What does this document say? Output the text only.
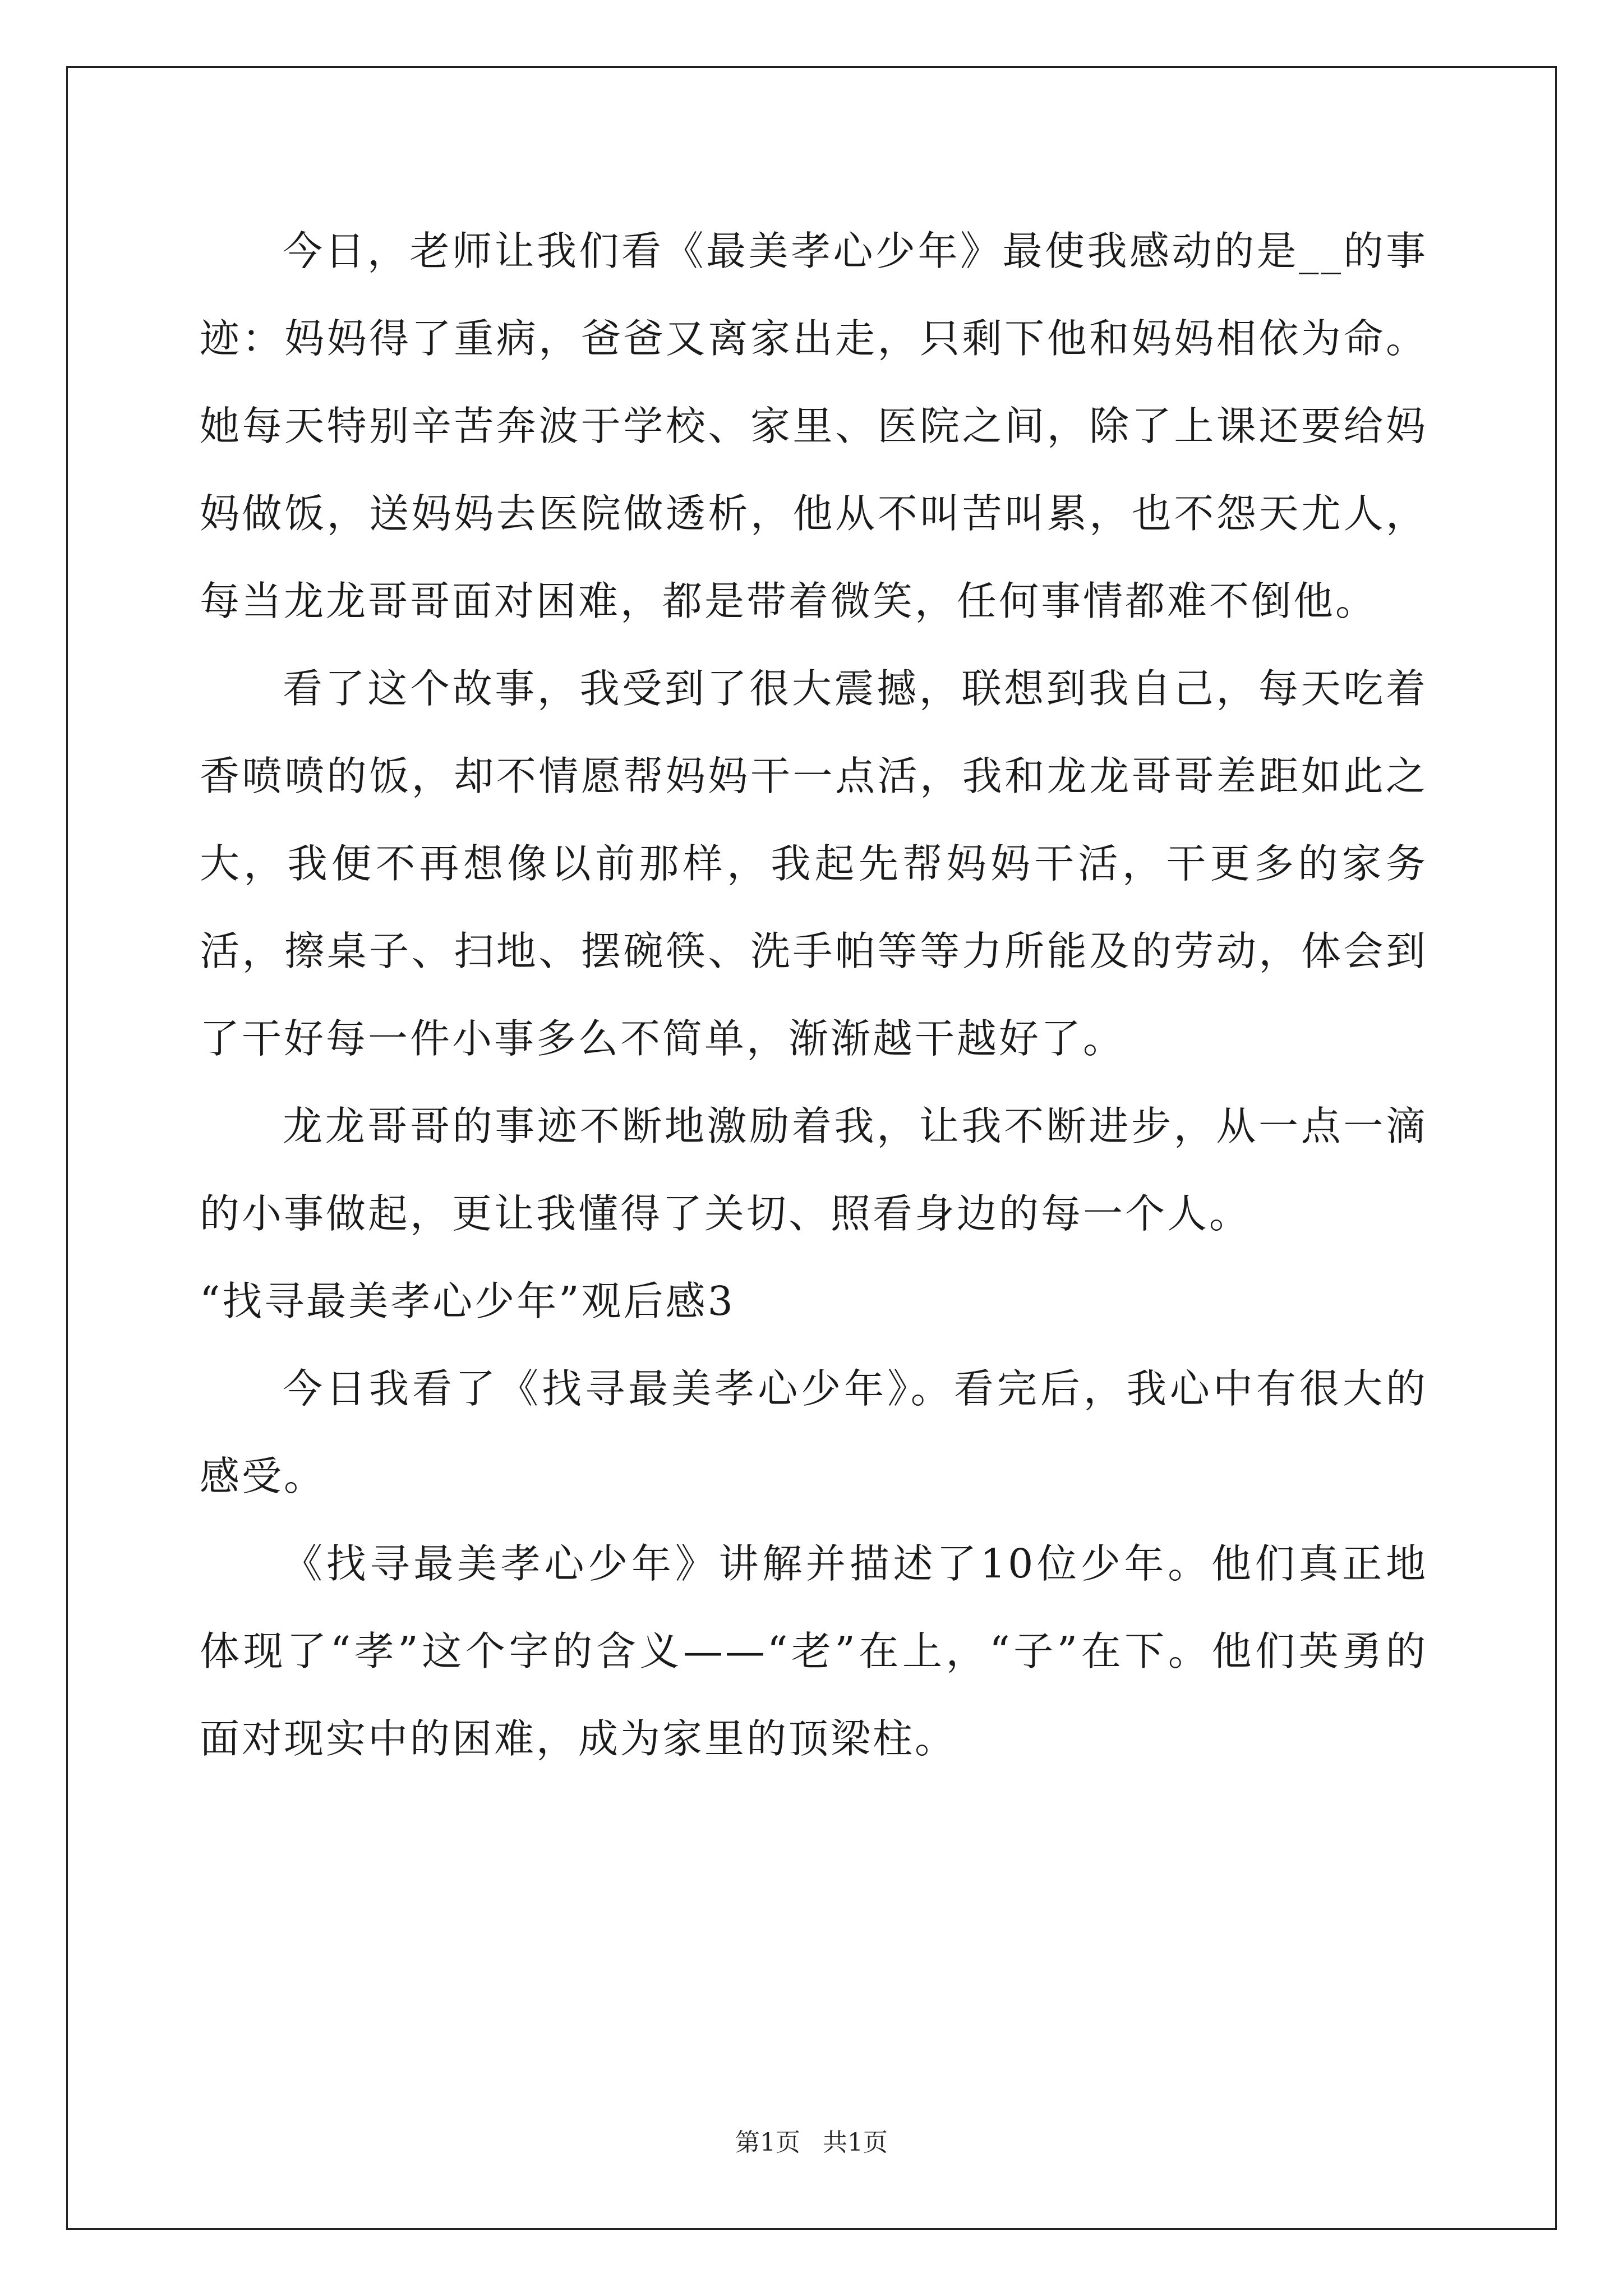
今日，老师让我们看《最美孝心少年》最使我感动的是__的事迹：妈妈得了重病，爸爸又离家出走，只剩下他和妈妈相依为命。她每天特别辛苦奔波于学校、家里、医院之间，除了上课还要给妈妈做饭，送妈妈去医院做透析，他从不叫苦叫累，也不怨天尤人，每当龙龙哥哥面对困难，都是带着微笑，任何事情都难不倒他。

看了这个故事，我受到了很大震撼，联想到我自己，每天吃着香喷喷的饭，却不情愿帮妈妈干一点活，我和龙龙哥哥差距如此之大，我便不再想像以前那样，我起先帮妈妈干活，干更多的家务活，擦桌子、扫地、摆碗筷、洗手帕等等力所能及的劳动，体会到了干好每一件小事多么不简单，渐渐越干越好了。

龙龙哥哥的事迹不断地激励着我，让我不断进步，从一点一滴的小事做起，更让我懂得了关切、照看身边的每一个人。

“找寻最美孝心少年”观后感3

今日我看了《找寻最美孝心少年》。看完后，我心中有很大的感受。

《找寻最美孝心少年》讲解并描述了10位少年。他们真正地体现了“孝”这个字的含义——“老”在上，“子”在下。他们英勇的面对现实中的困难，成为家里的顶梁柱。

第1页 共1页
